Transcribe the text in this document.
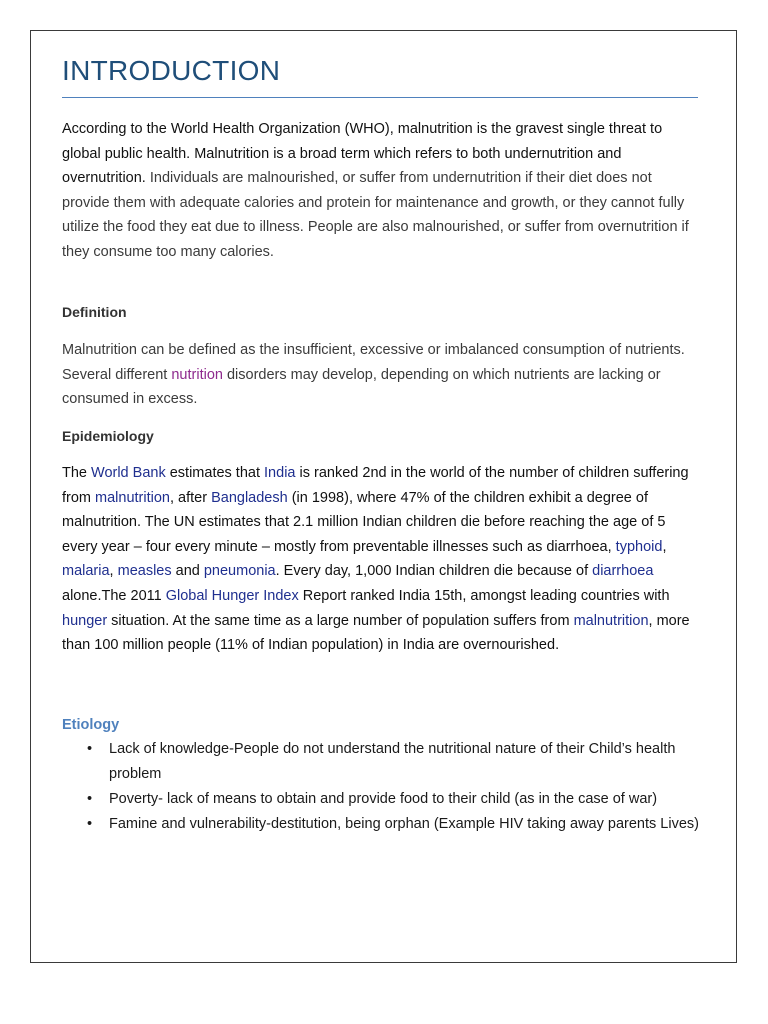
INTRODUCTION

According to the World Health Organization (WHO), malnutrition is the gravest single threat to global public health. Malnutrition is a broad term which refers to both undernutrition and overnutrition. Individuals are malnourished, or suffer from undernutrition if their diet does not provide them with adequate calories and protein for maintenance and growth, or they cannot fully utilize the food they eat due to illness. People are also malnourished, or suffer from overnutrition if they consume too many calories.

Definition

Malnutrition can be defined as the insufficient, excessive or imbalanced consumption of nutrients. Several different nutrition disorders may develop, depending on which nutrients are lacking or consumed in excess.

Epidemiology

The World Bank estimates that India is ranked 2nd in the world of the number of children suffering from malnutrition, after Bangladesh (in 1998), where 47% of the children exhibit a degree of malnutrition. The UN estimates that 2.1 million Indian children die before reaching the age of 5 every year – four every minute – mostly from preventable illnesses such as diarrhoea, typhoid, malaria, measles and pneumonia. Every day, 1,000 Indian children die because of diarrhoea alone.The 2011 Global Hunger Index Report ranked India 15th, amongst leading countries with hunger situation. At the same time as a large number of population suffers from malnutrition, more than 100 million people (11% of Indian population) in India are overnourished.

Etiology

• Lack of knowledge-People do not understand the nutritional nature of their Child’s health problem
• Poverty- lack of means to obtain and provide food to their child (as in the case of war)
• Famine and vulnerability-destitution, being orphan (Example HIV taking away parents Lives)
